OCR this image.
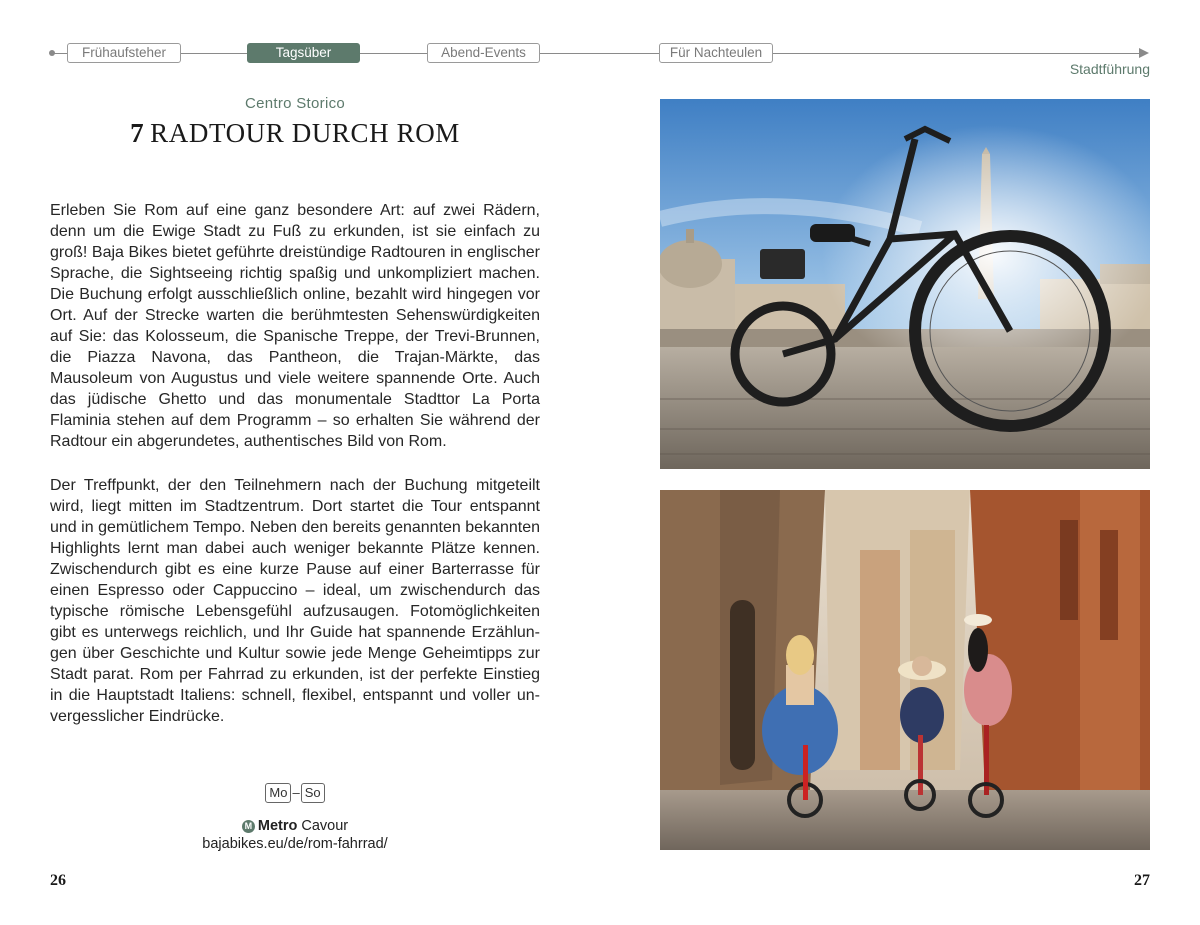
Frühaufsteher	Tagsüber	Abend-Events	Für Nachteulen
Stadtführung
Centro Storico
7 RADTOUR DURCH ROM

Erleben Sie Rom auf eine ganz besondere Art: auf zwei Rädern, denn um die Ewige Stadt zu Fuß zu erkunden, ist sie einfach zu groß! Baja Bikes bietet geführte dreistündige Radtouren in englischer Sprache, die Sightseeing richtig spaßig und unkompliziert machen. Die Buchung erfolgt ausschließlich online, bezahlt wird hingegen vor Ort. Auf der Strecke warten die berühmtesten Sehenswürdigkeiten auf Sie: das Kolosseum, die Spanische Treppe, der Trevi-Brunnen, die Piazza Navona, das Pantheon, die Trajan-Märkte, das Mausoleum von Augustus und viele weitere spannende Orte. Auch das jüdische Ghetto und das monumentale Stadttor La Porta Flaminia stehen auf dem Programm – so erhalten Sie während der Radtour ein abgerundetes, authentisches Bild von Rom.

Der Treffpunkt, der den Teilnehmern nach der Buchung mitgeteilt wird, liegt mitten im Stadtzentrum. Dort startet die Tour entspannt und in gemütlichem Tempo. Neben den bereits genannten bekannten Highlights lernt man dabei auch weniger bekannte Plätze kennen. Zwischendurch gibt es eine kurze Pause auf einer Barterrasse für einen Espresso oder Cappuccino – ideal, um zwischendurch das typische römische Lebensgefühl aufzusaugen. Fotomöglichkeiten gibt es unterwegs reichlich, und Ihr Guide hat spannende Erzählungen über Geschichte und Kultur sowie jede Menge Geheimtipps zur Stadt parat. Rom per Fahrrad zu erkunden, ist der perfekte Einstieg in die Hauptstadt Italiens: schnell, flexibel, entspannt und voller unvergesslicher Eindrücke.

Mo – So
M Metro Cavour
bajabikes.eu/de/rom-fahrrad/
26	27
